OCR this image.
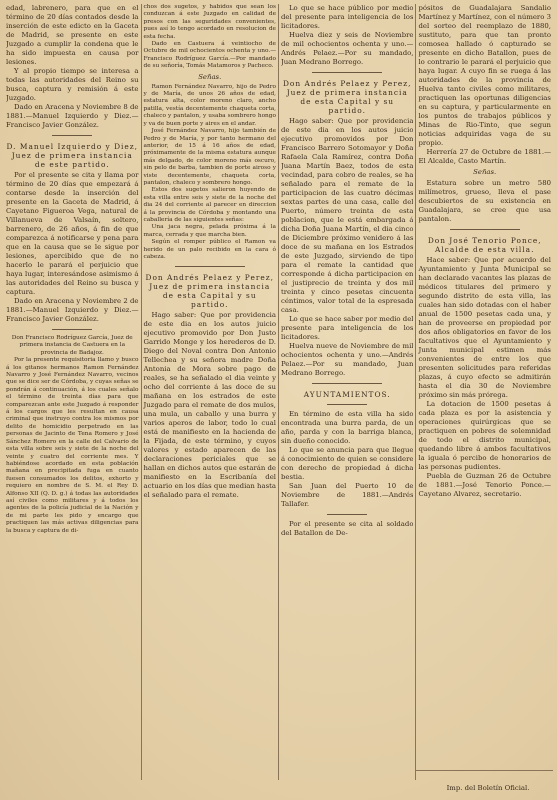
edad, labrenero, para que en el término de 20 días contados desde la inserción de este edicto en la Gaceta de Madrid, se presente en este Juzgado a cumplir la condena que le ha sido impuesta en causa por lesiones.

Y al propio tiempo se interesa a todas las autoridades del Reino su busca, captura y remisión á este Juzgado.

Dado en Aracena y Noviembre 8 de 1881.—Manuel Izquierdo y Diez.—Francisco Javier González.

D. Manuel Izquierdo y Diez, Juez de primera instancia de este partido.

Por el presente se cita y llama por término de 20 días que empezará á contarse desde la inserción del presente en la Gaceta de Madrid, á Cayetano Figueroa Vega, natural de Villanueva de Valsaín, soltero, barrenero, de 26 años, á fin de que comparezca á notificarse y pena para que en la causa que se le sigue por lesiones, apercibido que de no hacerlo le parará el perjuicio que haya lugar, interesándose asimismo á las autoridades del Reino su busca y captura.

Dado en Aracena y Noviembre 2 de 1881.—Manuel Izquierdo y Diez.—Francisco Javier González.

Don Francisco Rodríguez García, Juez de primera instancia de Castuera en la provincia de Badajoz.

Por la presente requisitoria llamo y busco á los gitanos hermanos Ramon Fernández Navarro y José Fernández Navarro, vecinos que se dice ser de Córdoba, y cuyas señas se pondrán á continuación, á los cuales señalo el término de treinta días para que comparezcan ante este Juzgado á responder á los cargos que les resultan en causa criminal que instruyo contra los mismos por delito de homicidio perpetrado en las personas de Jacinto de Tena Romero y José Sánchez Romero en la calle del Calvario de esta villa sobre seis y siete de la noche del veinte y cuatro del corriente mes. Y habiéndose acordado en esta población mañana en precipitada fuga en cuanto fuesen consumados los delitos, exhorto y requiero en nombre de S. M. el Rey D. Alfonso XII (Q. D. g.) á todas las autoridades así civiles como militares y á todos los agentes de la policía judicial de la Nación y de mi parte les pido y encargo que practiquen las más activas diligencias para la busca y captura de di-

chos dos sugetos, y habidos que sean los conduzcan á este Juzgado en calidad de presos con las seguridades convenientes, pues así lo tengo acordado en resolucion de esta fecha.

Dado en Castuera á veintiocho de Octubre de mil ochocientos ochenta y uno.—Francisco Rodríguez García.—Por mandado de su señoría, Tomás Matamoros y Pacheco.

Señas.

Ramon Fernández Navarro, hijo de Pedro y de María, de unos 26 años de edad, estatura alta, color moreno claro, ancho patilla, vestía decentemente chaqueta corta, chaleco y pantalon, y usaba sombrero hongo y va de buen porte y aires en el andar.

José Fernández Navarro, hijo también de Pedro y de María, y por tanto hermano del anterior, de 15 á 16 años de edad, próximamente de la misma estatura aunque más delgado, de color moreno más oscuro, sin pelo de barba, tambien de porte airoso y viste decentemente, chaqueta corta, pantalon, chaleco y sombrero hongo.

Estos dos sugetos salieron huyendo de esta villa entre seis y siete de la noche del dia 24 del corriente al parecer en direccion á la provincia de Córdoba y montando una caballería de las siguientes señas:

Una jaca negra, pelada próxima á la marca, cerrada y que marcha bien.

Según el romper público el Ramon va herido de un palo recibido en la cara ó cabeza.

Don Andrés Pelaez y Perez, Juez de primera instancia de esta Capital y su partido.

Hago saber: Que por providencia de este dia en los autos juicio ejecutivo promovido por Don Justo Garrido Monge y los herederos de D. Diego del Noval contra Don Antonio Tellechea y su señora madre Doña Antonia de Mora sobre pago de reales, se ha señalado el dia veinte y ocho del corriente á las doce de su mañana en los estrados de este Juzgado para el remate de dos mulos, una mula, un caballo y una burra y varios aperos de labor, todo lo cual está de manifiesto en la hacienda de la Fijada, de este término, y cuyos valores y estado aparecen de las declaraciones periciales que se hallan en dichos autos que estarán de manifiesto en la Escribanía del actuario en los días que median hasta el señalado para el remate.

Lo que se hace público por medio del presente para inteligencia de los licitadores.

Huelva diez y seis de Noviembre de mil ochocientos ochenta y uno.—Andrés Pelaez.—Por su mandado, Juan Medrano Borrego.

Don Andrés Pelaez y Perez, Juez de primera instancia de esta Capital y su partido.

Hago saber: Que por providencia de este dia en los autos juicio ejecutivo promovidos por Don Francisco Barrero Sotomayor y Doña Rafaela Cala Ramírez, contra Doña Juana Martín Baez, todos de esta vecindad, para cobro de reales, se ha señalado para el remate de la participacion de las cuatro décimas sextas partes de una casa, calle del Puerto, número treinta de esta poblacion, que le está embargada á dicha Doña Juana Martín, el dia cinco de Diciembre próximo venidero á las doce de su mañana en los Estrados de este Juzgado, sirviendo de tipo para el remate la cantidad que corresponde á dicha participacion en el justiprecio de treinta y dos mil treinta y cinco pesetas cincuenta céntimos, valor total de la espresada casa.

Lo que se hace saber por medio del presente para inteligencia de los licitadores.

Huelva nueve de Noviembre de mil ochocientos ochenta y uno.—Andrés Pelaez.—Por su mandado, Juan Medrano Borrego.

AYUNTAMIENTOS.

En término de esta villa ha sido encontrada una burra parda, de un año, parda y con la barriga blanca, sin dueño conocido.

Lo que se anuncia para que llegue á conocimiento de quien se considere con derecho de propiedad á dicha bestia.

San Juan del Puerto 10 de Noviembre de 1881.—Andrés Tallafer.

Por el presente se cita al soldado del Batallon de De-

pósitos de Guadalajara Sandalio Martínez y Martínez, con el número 3 del sorteo del reemplazo de 1880, sustituto, para que tan pronto comosea hallado ó capturado se presente en dicho Batallon, pues de lo contrario le parará el perjuicio que haya lugar. A cuyo fin se ruega á las autoridades de la provincia de Huelva tanto civiles como militares, practiquen las oportunas diligencias en su captura, y particularmente en los puntos de trabajos públicos y Minas de Rio-Tinto, que segun noticias adquiridas vaga de su propio.

Herrería 27 de Octubre de 1881.—El Alcalde, Casto Martín.

Señas.

Estatura sobre un metro 580 milímetros, grueso, lleva el pase descubiertos de su existencia en Guadalajara, se cree que usa pantalon.

Don José Tenorio Ponce, Alcalde de esta villa.

Hace saber: Que por acuerdo del Ayuntamiento y Junta Municipal se han declarado vacantes las plazas de médicos titulares del primero y segundo distrito de esta villa, las cuales han sido dotadas con el haber anual de 1500 pesetas cada una, y han de proveerse en propiedad por dos años obligatorios en favor de los facultativos que el Ayuntamiento y Junta municipal estimen más convenientes de entre los que presenten solicitudes para referidas plazas, á cuyo efecto se admitirán hasta el dia 30 de Noviembre próximo sin más prórega.

La dotacion de 1500 pesetas á cada plaza es por la asistencia y operaciones quirúrgicas que se practiquen en pobres de solemnidad de todo el distrito municipal, quedando libre á ambos facultativos la iguala ó percibo de honorarios de las personas pudientes.

Puebla de Guzman 26 de Octubre de 1881.—José Tenorio Ponce.—Cayetano Alvarez, secretario.

Imp. del Boletín Oficial.
